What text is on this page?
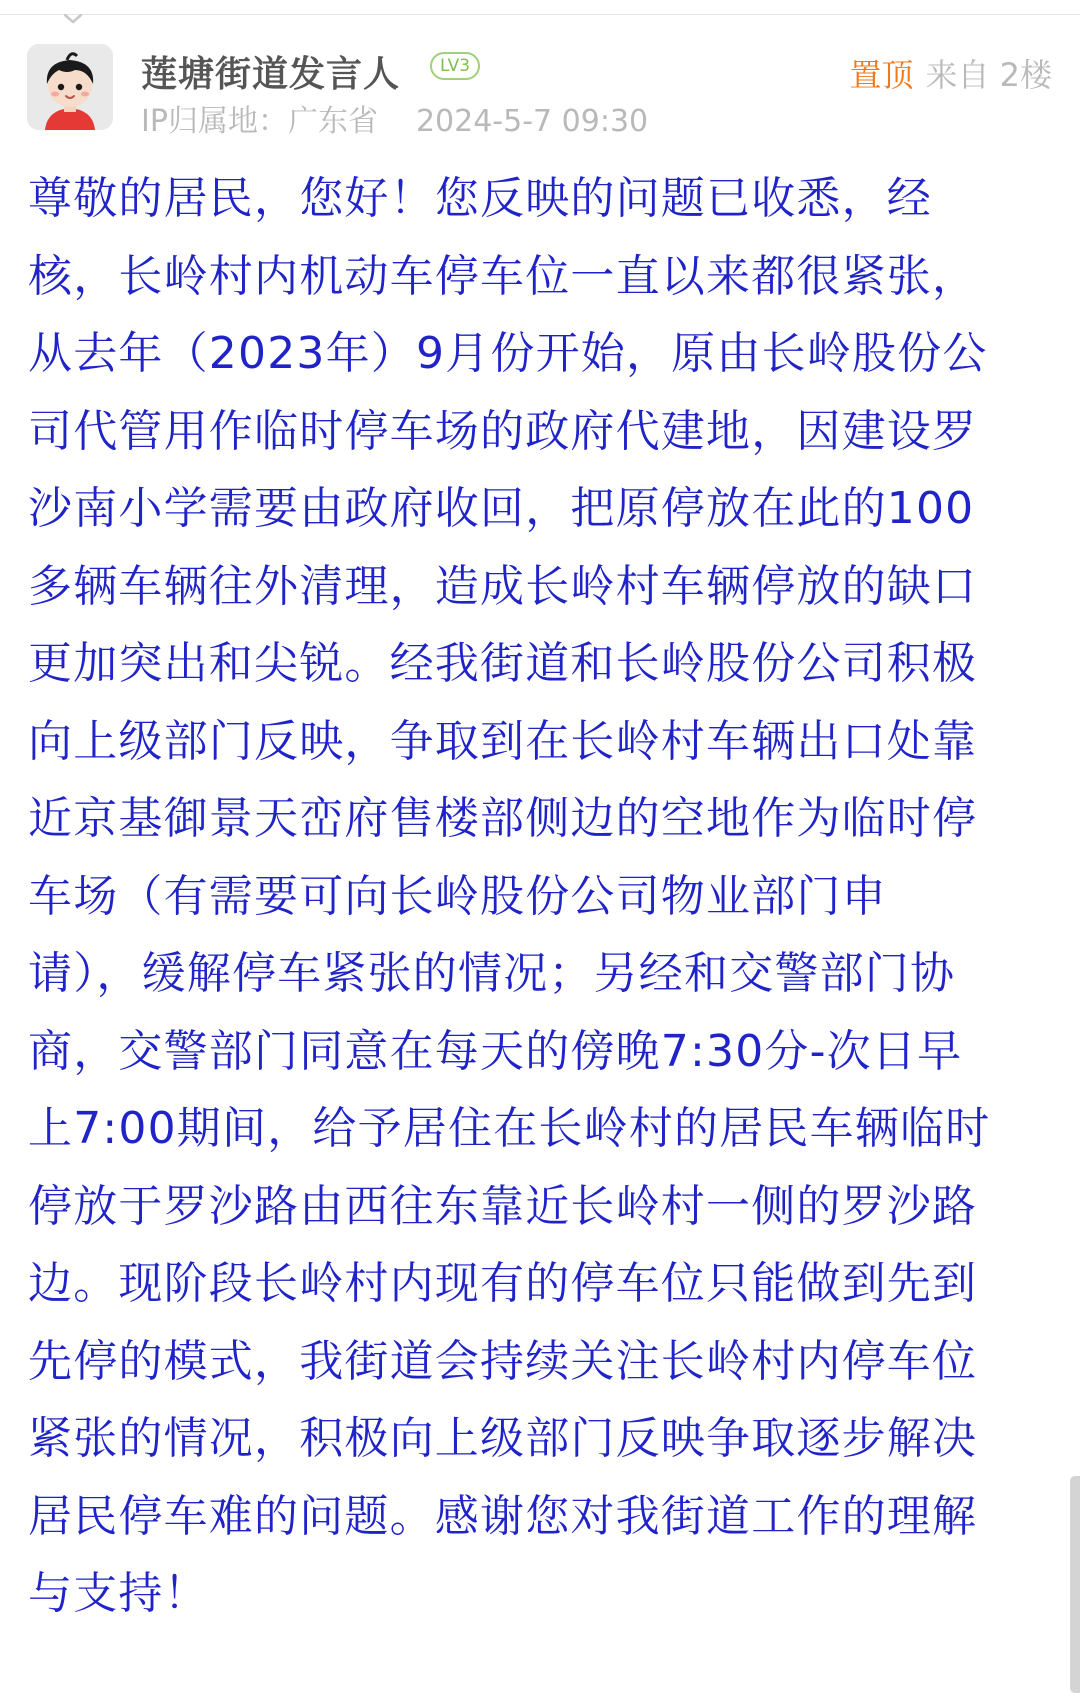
莲塘街道发言人	LV3
IP归属地：广东省 2024-5-7 09:30
置顶 来自 2楼
尊敬的居民，您好！您反映的问题已收悉，经
核，长岭村内机动车停车位一直以来都很紧张，
从去年（2023年）9月份开始，原由长岭股份公
司代管用作临时停车场的政府代建地，因建设罗
沙南小学需要由政府收回，把原停放在此的100
多辆车辆往外清理，造成长岭村车辆停放的缺口
更加突出和尖锐。经我街道和长岭股份公司积极
向上级部门反映，争取到在长岭村车辆出口处靠
近京基御景天峦府售楼部侧边的空地作为临时停
车场（有需要可向长岭股份公司物业部门申
请），缓解停车紧张的情况；另经和交警部门协
商，交警部门同意在每天的傍晚7:30分-次日早
上7:00期间，给予居住在长岭村的居民车辆临时
停放于罗沙路由西往东靠近长岭村一侧的罗沙路
边。现阶段长岭村内现有的停车位只能做到先到
先停的模式，我街道会持续关注长岭村内停车位
紧张的情况，积极向上级部门反映争取逐步解决
居民停车难的问题。感谢您对我街道工作的理解
与支持！
